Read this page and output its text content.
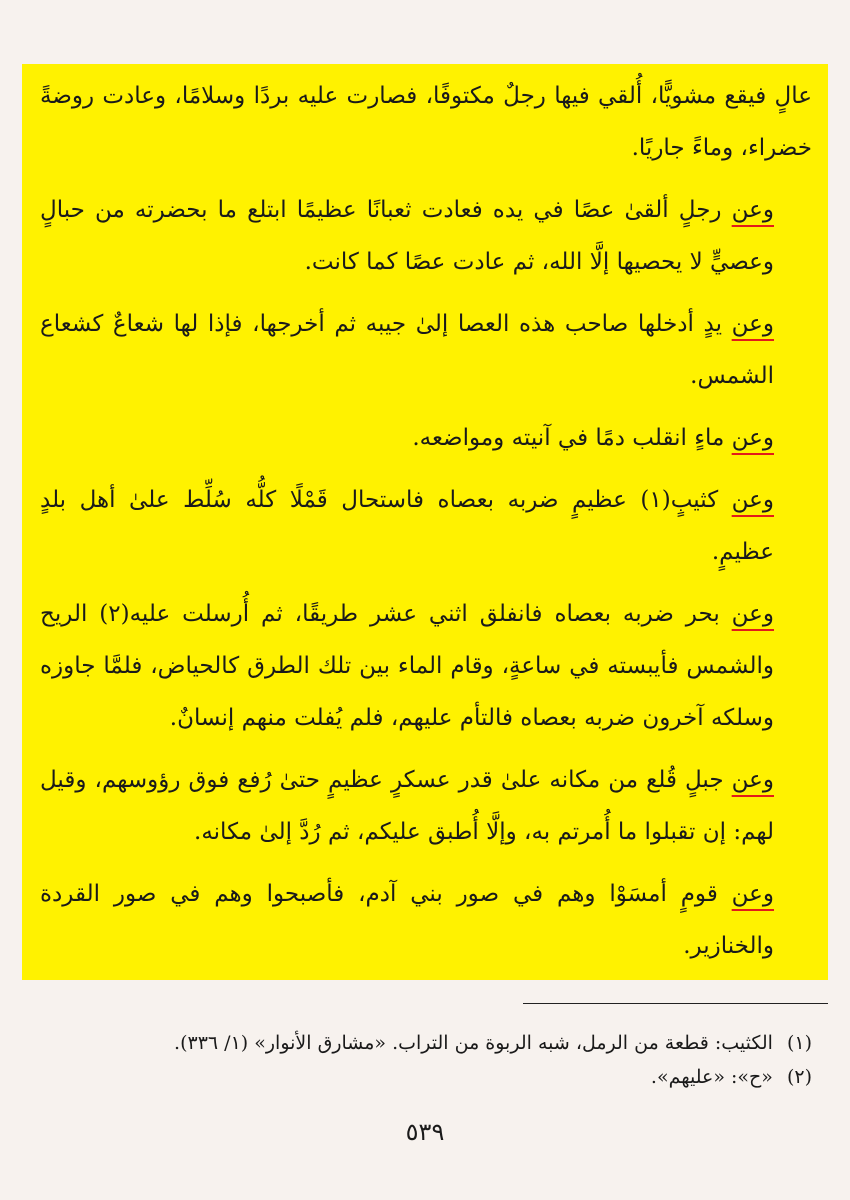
عالٍ فيقع مشويًّا، أُلقي فيها رجلٌ مكتوفًا، فصارت عليه بردًا وسلامًا، وعادت روضةً خضراء، وماءً جاريًا.

وعن رجلٍ ألقىٰ عصًا في يده فعادت ثعبانًا عظيمًا ابتلع ما بحضرته من حبالٍ وعصيٍّ لا يحصيها إلَّا الله، ثم عادت عصًا كما كانت.

وعن يدٍ أدخلها صاحب هذه العصا إلىٰ جيبه ثم أخرجها، فإذا لها شعاعٌ كشعاع الشمس.

وعن ماءٍ انقلب دمًا في آنيته ومواضعه.

وعن كثيبٍ(١) عظيمٍ ضربه بعصاه فاستحال قَمْلًا كلُّه سُلِّط علىٰ أهل بلدٍ عظيمٍ.

وعن بحر ضربه بعصاه فانفلق اثني عشر طريقًا، ثم أُرسلت عليه(٢) الريح والشمس فأيبسته في ساعةٍ، وقام الماء بين تلك الطرق كالحياض، فلمَّا جاوزه وسلكه آخرون ضربه بعصاه فالتأم عليهم، فلم يُفلت منهم إنسانٌ.

وعن جبلٍ قُلع من مكانه علىٰ قدر عسكرٍ عظيمٍ حتىٰ رُفع فوق رؤوسهم، وقيل لهم: إن تقبلوا ما أُمرتم به، وإلَّا أُطبق عليكم، ثم رُدَّ إلىٰ مكانه.

وعن قومٍ أمسَوْا وهم في صور بني آدم، فأصبحوا وهم في صور القردة والخنازير.

(١)الكثيب: قطعة من الرمل، شبه الربوة من التراب. «مشارق الأنوار» (١/ ٣٣٦).
(٢)«ح»: «عليهم».
٥٣٩
